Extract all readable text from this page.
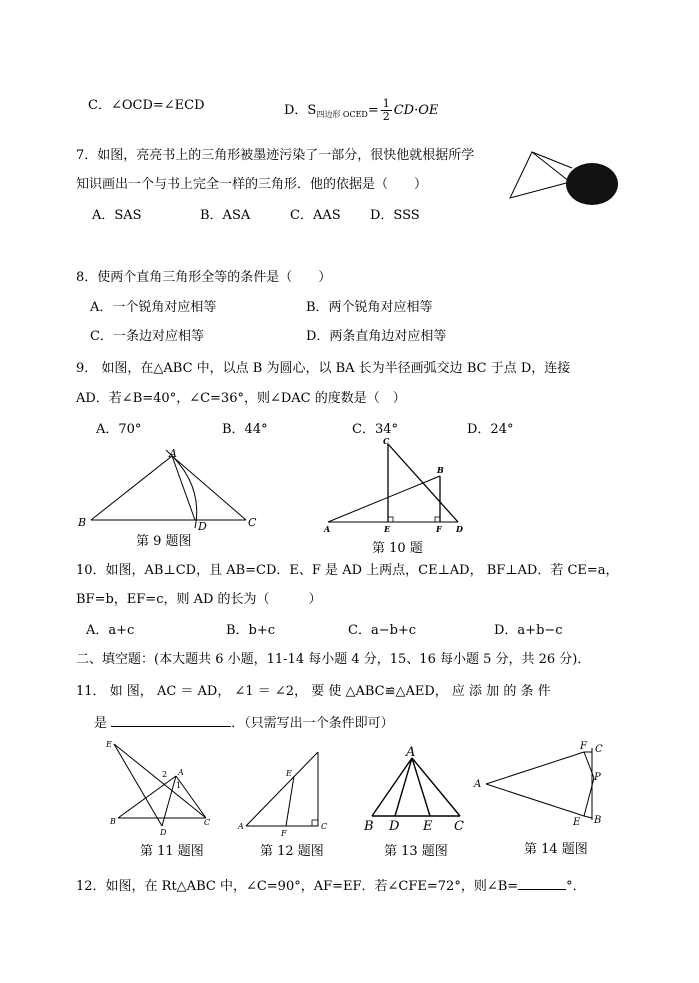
C．∠OCD=∠ECD	D．$S_{四边形 OCED}= \frac{1}{2} CD\cdot OE$
7．如图，亮亮书上的三角形被墨迹污染了一部分，很快他就根据所学
知识画出一个与书上完全一样的三角形．他的依据是（　　）
A．SAS	B．ASA	C．AAS D．SSS
8．使两个直角三角形全等的条件是（　　）
A．一个锐角对应相等	B．两个锐角对应相等
C．一条边对应相等	D．两条直角边对应相等
9． 如图，在△ABC 中，以点 B 为圆心，以 BA 长为半径画弧交边 BC 于点 D，连接
AD．若∠B=40°，∠C=36°，则∠DAC 的度数是（　）
A．70°	B．44°	C．34°	D．24°
A
B	D	C
第 9 题图
C
B
A	E	F D
第 10 题
10．如图，AB⊥CD，且 AB=CD．E、F 是 AD 上两点，CE⊥AD， BF⊥AD．若 CE=a，
BF=b，EF=c，则 AD 的长为（　　　）
A．a+c	B．b+c	C．a−b+c	D．a+b−c
二、填空题：(本大题共 6 小题，11-14 每小题 4 分，15、16 每小题 5 分，共 26 分)．
11． 如 图， AC ＝ AD， ∠1 ＝ ∠2， 要 使 △ABC≌△AED， 应 添 加 的 条 件
是	．（只需写出一个条件即可）
E
A
2
1
B
D
C
第 11 题图
E
A
F
C
第 12 题图
A
B D E C
第 13 题图
F C
A
P
E B
第 14 题图
12．如图，在 Rt△ABC 中，∠C=90°，AF=EF．若∠CFE=72°，则∠B=	°．
